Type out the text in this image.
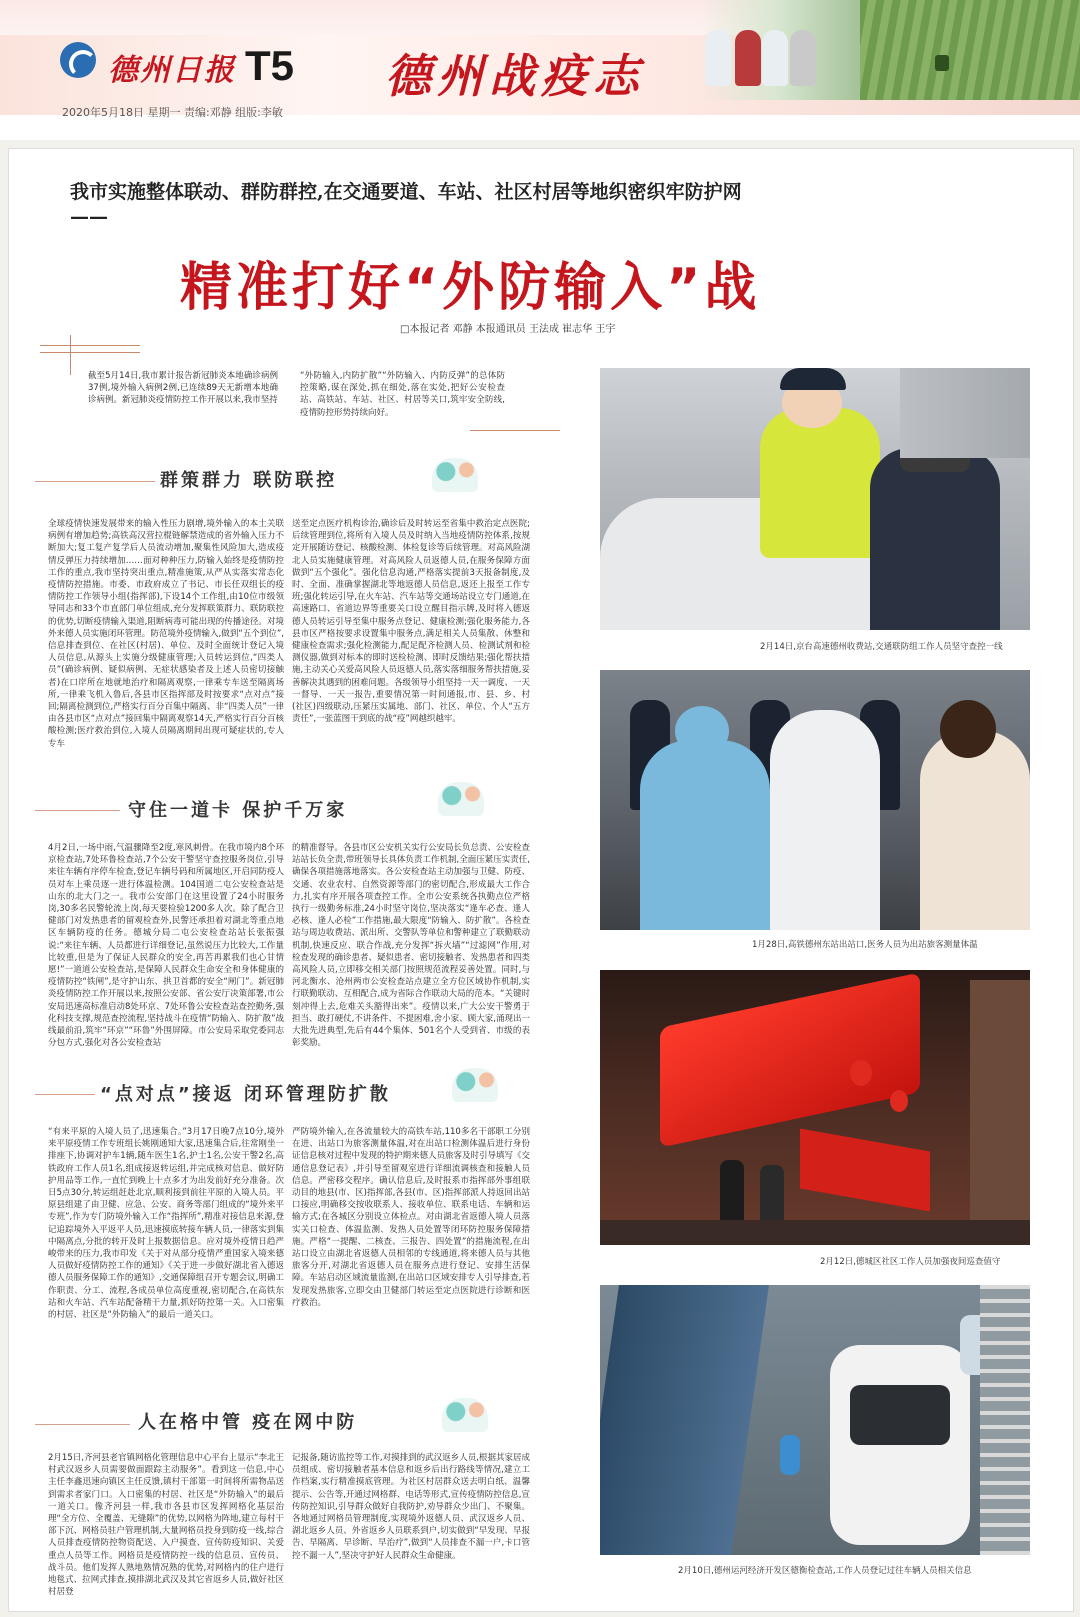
德州日报 T5 德州战疫志
2020年5月18日 星期一 责编:邓静 组版:李敏
我市实施整体联动、群防群控,在交通要道、车站、社区村居等地织密织牢防护网——
精准打好“外防输入”战
□本报记者 邓静 本报通讯员 王法成 崔志华 王宇
截至5月14日,我市累计报告新冠肺炎本地确诊病例37例,境外输入病例2例,已连续89天无新增本地确诊病例。新冠肺炎疫情防控工作开展以来,我市坚持
“外防输入,内防扩散”“外防输入、内防反弹”的总体防控策略,谋在深处,抓在细处,落在实处,把好公安检查站、高铁站、车站、社区、村居等关口,筑牢安全防线,疫情防控形势持续向好。
群策群力 联防联控
全球疫情快速发展带来的输入性压力剧增,境外输入的本土关联病例有增加趋势;高铁高汉营拉棍链解禁造成的省外输入压力不断加大;复工复产复学后人员流动增加,聚集性风险加大,造成疫情反弹压力持续增加……面对种种压力,防输入始终是疫情防控工作的重点,我市坚持突出重点,精准施策,从严从实落实常态化疫情防控措施。市委、市政府成立了书记、市长任双组长的疫情防控工作领导小组(指挥部),下设14个工作组,由10位市级领导同志和33个市直部门单位组成,充分发挥联策群力、联防联控的优势,切断疫情输入渠道,阻断病毒可能出现的传播途径。对境外来德人员实施闭环管理。防范境外疫情输入,做到“五个到位”,信息排查到位、在社区(村居)、单位、及时全面统计登记入境人员信息,从源头上实施分级健康管理;入员转运到位,“四类人员”(确诊病例、疑似病例、无症状感染者及上述人员密切接触者)在口岸所在地就地治疗和隔离观察,一律乘专车送至隔离场所,一律乘飞机入鲁后,各县市区指挥部及时按要求“点对点”接回;隔离检测到位,严格实行百分百集中隔离、非“四类人员”一律由各县市区“点对点”接回集中隔离观察14天,严格实行百分百核酸检测;医疗救治到位,入境人员隔离期间出现可疑症状的,专人专车
送至定点医疗机构诊治,确诊后及时转运至省集中救治定点医院;后续管理到位,将所有入境人员及时纳入当地疫情防控体系,按规定开展随访登记、核酸检测、体检复诊等后续管理。对高风险湖北人员实施健康管理。对高风险人员返德人员,在服务保障方面做到“五个强化”。强化信息沟通,严格落实提前3天报备制度,及时、全面、准确掌握湖北等地返德人员信息,返还上报至工作专班;强化转运引导,在火车站、汽车站等交通场站设立专门通道,在高速路口、省道边界等重要关口设立醒目指示牌,及时将入德返德人员转运引导至集中服务点登记、健康检测;强化服务能力,各县市区严格按要求设置集中服务点,满足相关人员集散、休整和健康检查需求;强化检测能力,配足配齐检测人员、检测试剂和检测仪器,做到对标本的即时送检检测、即时反馈结果;强化帮扶措施,主动关心关爱高风险人员返德人员,落实落细服务帮扶措施,妥善解决其遇到的困难问题。各级领导小组坚持一天一调度、一天一督导、一天一报告,重要情况第一时间通报,市、县、乡、村(社区)四级联动,压紧压实属地、部门、社区、单位、个人“五方责任”,一张蓝图干到底的战“疫”网越织越牢。
守住一道卡 保护千万家
4月2日,一场中雨,气温骤降至2度,寒风刺骨。在我市境内8个环京检查站,7处环鲁检查站,7个公安干警坚守查控服务岗位,引导来往车辆有序停车检查,登记车辆号码和所属地区,开启同防疫人员对车上乘员逐一进行体温检测。104国道二屯公安检查站是山东的北大门之一。我市公安部门在这里设置了24小时服务岗,30多名民警轮流上岗,每天要检验1200多人次。除了配合卫健部门对发热患者的留观检查外,民警还承担着对湖北等重点地区车辆防疫的任务。德城分局二屯公安检查站站长张振强说:“来往车辆、人员都进行详细登记,虽然说压力比较大,工作量比较重,但是为了保证人民群众的安全,再苦再累我们也心甘情愿!”一道道公安检查站,是保障人民群众生命安全和身体健康的疫情防控“铁闸”,是守护山东、拱卫首都的安全“闸门”。新冠肺炎疫情防控工作开展以来,按照公安部、省公安厅决策部署,市公安局迅速高标准启动8处环京、7处环鲁公安检查站查控勤务,强化科技支撑,规范查控流程,坚持战斗在疫情“防输入、防扩散”战线最前沿,筑牢“环京”“环鲁”外围屏障。市公安局采取党委同志分包方式,强化对各公安检查站
的精准督导。各县市区公安机关实行公安局长负总责、公安检查站站长负全责,带班领导长具体负责工作机制,全面压紧压实责任,确保各项措施落地落实。各公安检查站主动加强与卫健、防疫、交通、农业农村、自然资源等部门的密切配合,形成最大工作合力,扎实有序开展各项查控工作。全市公安系统各执勤点位严格执行一级勤务标准,24小时坚守岗位,坚决落实“逢车必查、逢人必核、逢人必检”工作措施,最大限度“防输入、防扩散”。各检查站与周边收费站、派出所、交警队等单位和警种建立了联勤联动机制,快速反应、联合作战,充分发挥“拆火墙”“过滤网”作用,对检查发现的确诊患者、疑似患者、密切接触者、发热患者和四类高风险人员,立即移交相关部门按照规范流程妥善处置。同时,与河北衡水、沧州两市公安检查站点建立全方位区域协作机制,实行联勤联动、互相配合,成为省际合作联动大局的范本。“关键时刻冲得上去,危难关头豁得出来”。疫情以来,广大公安干警勇于担当、敢打硬仗,不讲条件、不提困难,舍小家、顾大家,涌现出一大批先进典型,先后有44个集体、501名个人受到省、市级的表彰奖励。
“点对点”接返 闭环管理防扩散
“有来平原的入境人员了,迅速集合。”3月17日晚7点10分,境外来平原疫情工作专班组长姚刚通知大家,迅速集合后,往常刚坐一排座下,协调对护车1辆,随车医生1名,护士1名,公安干警2名,高铁政府工作人员1名,组成接返转运组,并完成核对信息、做好防护用品等工作,一直忙到晚上十点多才为出发前好充分准备。次日5点30分,转运组赶赴北京,顺利接到前往平原的入境人员。平原县组建了由卫健、应急、公安、商务等部门组成的“境外来平专班”,作为专门防境外输入工作“指挥所”,精准对接信息来源,登记追踪境外入平返平人员,迅速摸底转接车辆人员,一律落实到集中隔离点,分批的转开及时上报数据信息。应对境外疫情日趋严峻带来的压力,我市印发《关于对从部分疫情严重国家入境来德人员做好疫情防控工作的通知》《关于进一步做好湖北省入德返德人员服务保障工作的通知》,交通保障组召开专题会议,明确工作职责、分工、流程,各成员单位高度重视,密切配合,在高铁东站和火车站、汽车站配备精干力量,抓好防控第一关。入口密集的村居、社区是“外防输入”的最后一道关口。
严防境外输入,在各流量较大的高铁车站,110多名干部职工分别在进、出站口为旅客测量体温,对在出站口检测体温后进行身份证信息核对过程中发现的特护期来德人员旅客及时引导填写《交通信息登记表》,并引导至留观室进行详细流调核查和接触人员信息。严密移交程序。确认信息后,及时报系市指挥部外事组联动目的地县(市、区)指挥部,各县(市、区)指挥部派人持返回出站口接应,明确移交按收联系人、接收单位、联系电话、车辆和运输方式;在各城区分别设立体检点。对由湖北省返德入境人员落实关口检查、体温监测、发热人员处置等闭环防控服务保障措施。严格“一提醒、二核查、三报告、四处置”的措施流程,在出站口设立由湖北省返德人员相邻的专线通道,将来德人员与其他旅客分开,对湖北省返德人员在服务点进行登记、安排生活保障。车站启动区域流量监测,在出站口区域安排专人引导排查,若发现发热旅客,立即交由卫健部门转运至定点医院进行诊断和医疗救治。
人在格中管 疫在网中防
2月15日,齐河县老官镇网格化管理信息中心平台上显示“李北王村武汉返乡人员需要做面跟踪主动服务”。看到这一信息,中心主任李鑫迅速向镇区主任反馈,镇村干部第一时间将所需物品送到需求者家门口。入口密集的村居、社区是“外防输入”的最后一道关口。像齐河县一样,我市各县市区发挥网格化基层治理“全方位、全覆盖、无缝隙”的优势,以网格为阵地,建立每村干部下沉、网格员驻户管理机制,大量网格员投身到防疫一线,综合人员排查疫情防控物资配送、入户摸查、宣传防疫知识、关爱重点人员等工作。网格员是疫情防控一线的信息员、宣传员、战斗员。他们发挥人熟地熟情况熟的优势,对网格内的住户进行地毯式、拉网式排查,摸排湖北武汉及其它省返乡人员,做好社区村居登
记报备,随访监控等工作,对摸排到的武汉返乡人员,根据其家居成员组成、密切接触者基本信息和返乡后出行路线等情况,建立工作档案,实行精准摸底管理。为社区村居群众送去明白纸、温馨提示、公告等,开通过网格群、电话等形式,宣传疫情防控信息,宣传防控知识,引导群众做好自我防护,劝导群众少出门、不聚集。各地通过网格员管理制度,实现境外返德人员、武汉返乡人员、湖北返乡人员、外省返乡人员联系到户,切实做到“早发现、早报告、早隔离、早诊断、早治疗”,做到“人员排查不漏一户,卡口管控不漏一人”,坚决守护好人民群众生命健康。
2月14日,京台高速德州收费站,交通联防组工作人员坚守查控一线
1月28日,高铁德州东站出站口,医务人员为出站旅客测量体温
2月12日,德城区社区工作人员加强夜间巡查值守
2月10日,德州运河经济开发区德衡检查站,工作人员登记过往车辆人员相关信息
